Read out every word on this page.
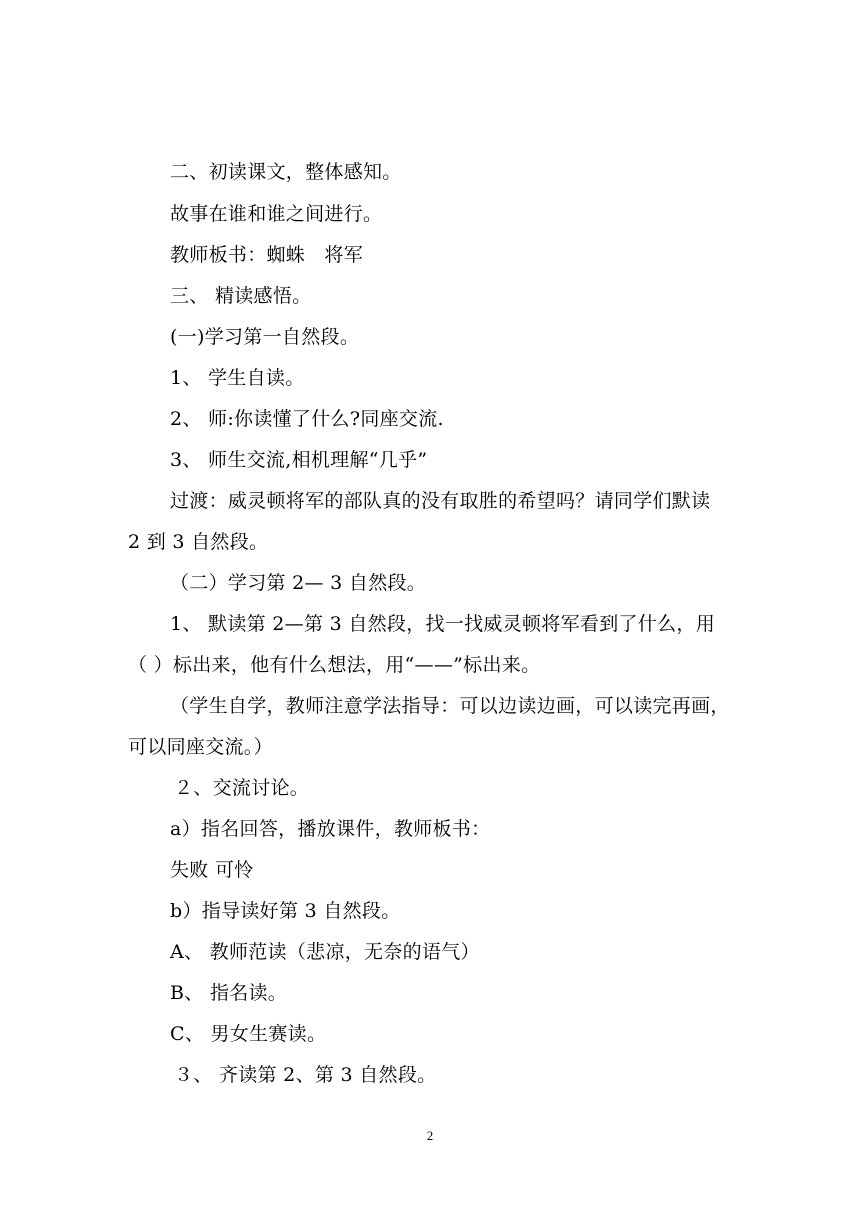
二、初读课文，整体感知。
故事在谁和谁之间进行。
教师板书：蜘蛛　将军
三、 精读感悟。
(一)学习第一自然段。
1、 学生自读。
2、 师:你读懂了什么?同座交流.
3、 师生交流,相机理解“几乎”
过渡：威灵顿将军的部队真的没有取胜的希望吗？请同学们默读
2 到 3 自然段。
（二）学习第 2— 3 自然段。
1、 默读第 2—第 3 自然段，找一找威灵顿将军看到了什么，用
（ ）标出来，他有什么想法，用“——”标出来。
（学生自学，教师注意学法指导：可以边读边画，可以读完再画，
可以同座交流。）
２、交流讨论。
a）指名回答，播放课件，教师板书：
失败 可怜
b）指导读好第 3 自然段。
A、 教师范读（悲凉，无奈的语气）
B、 指名读。
C、 男女生赛读。
３、 齐读第 2、第 3 自然段。
2
